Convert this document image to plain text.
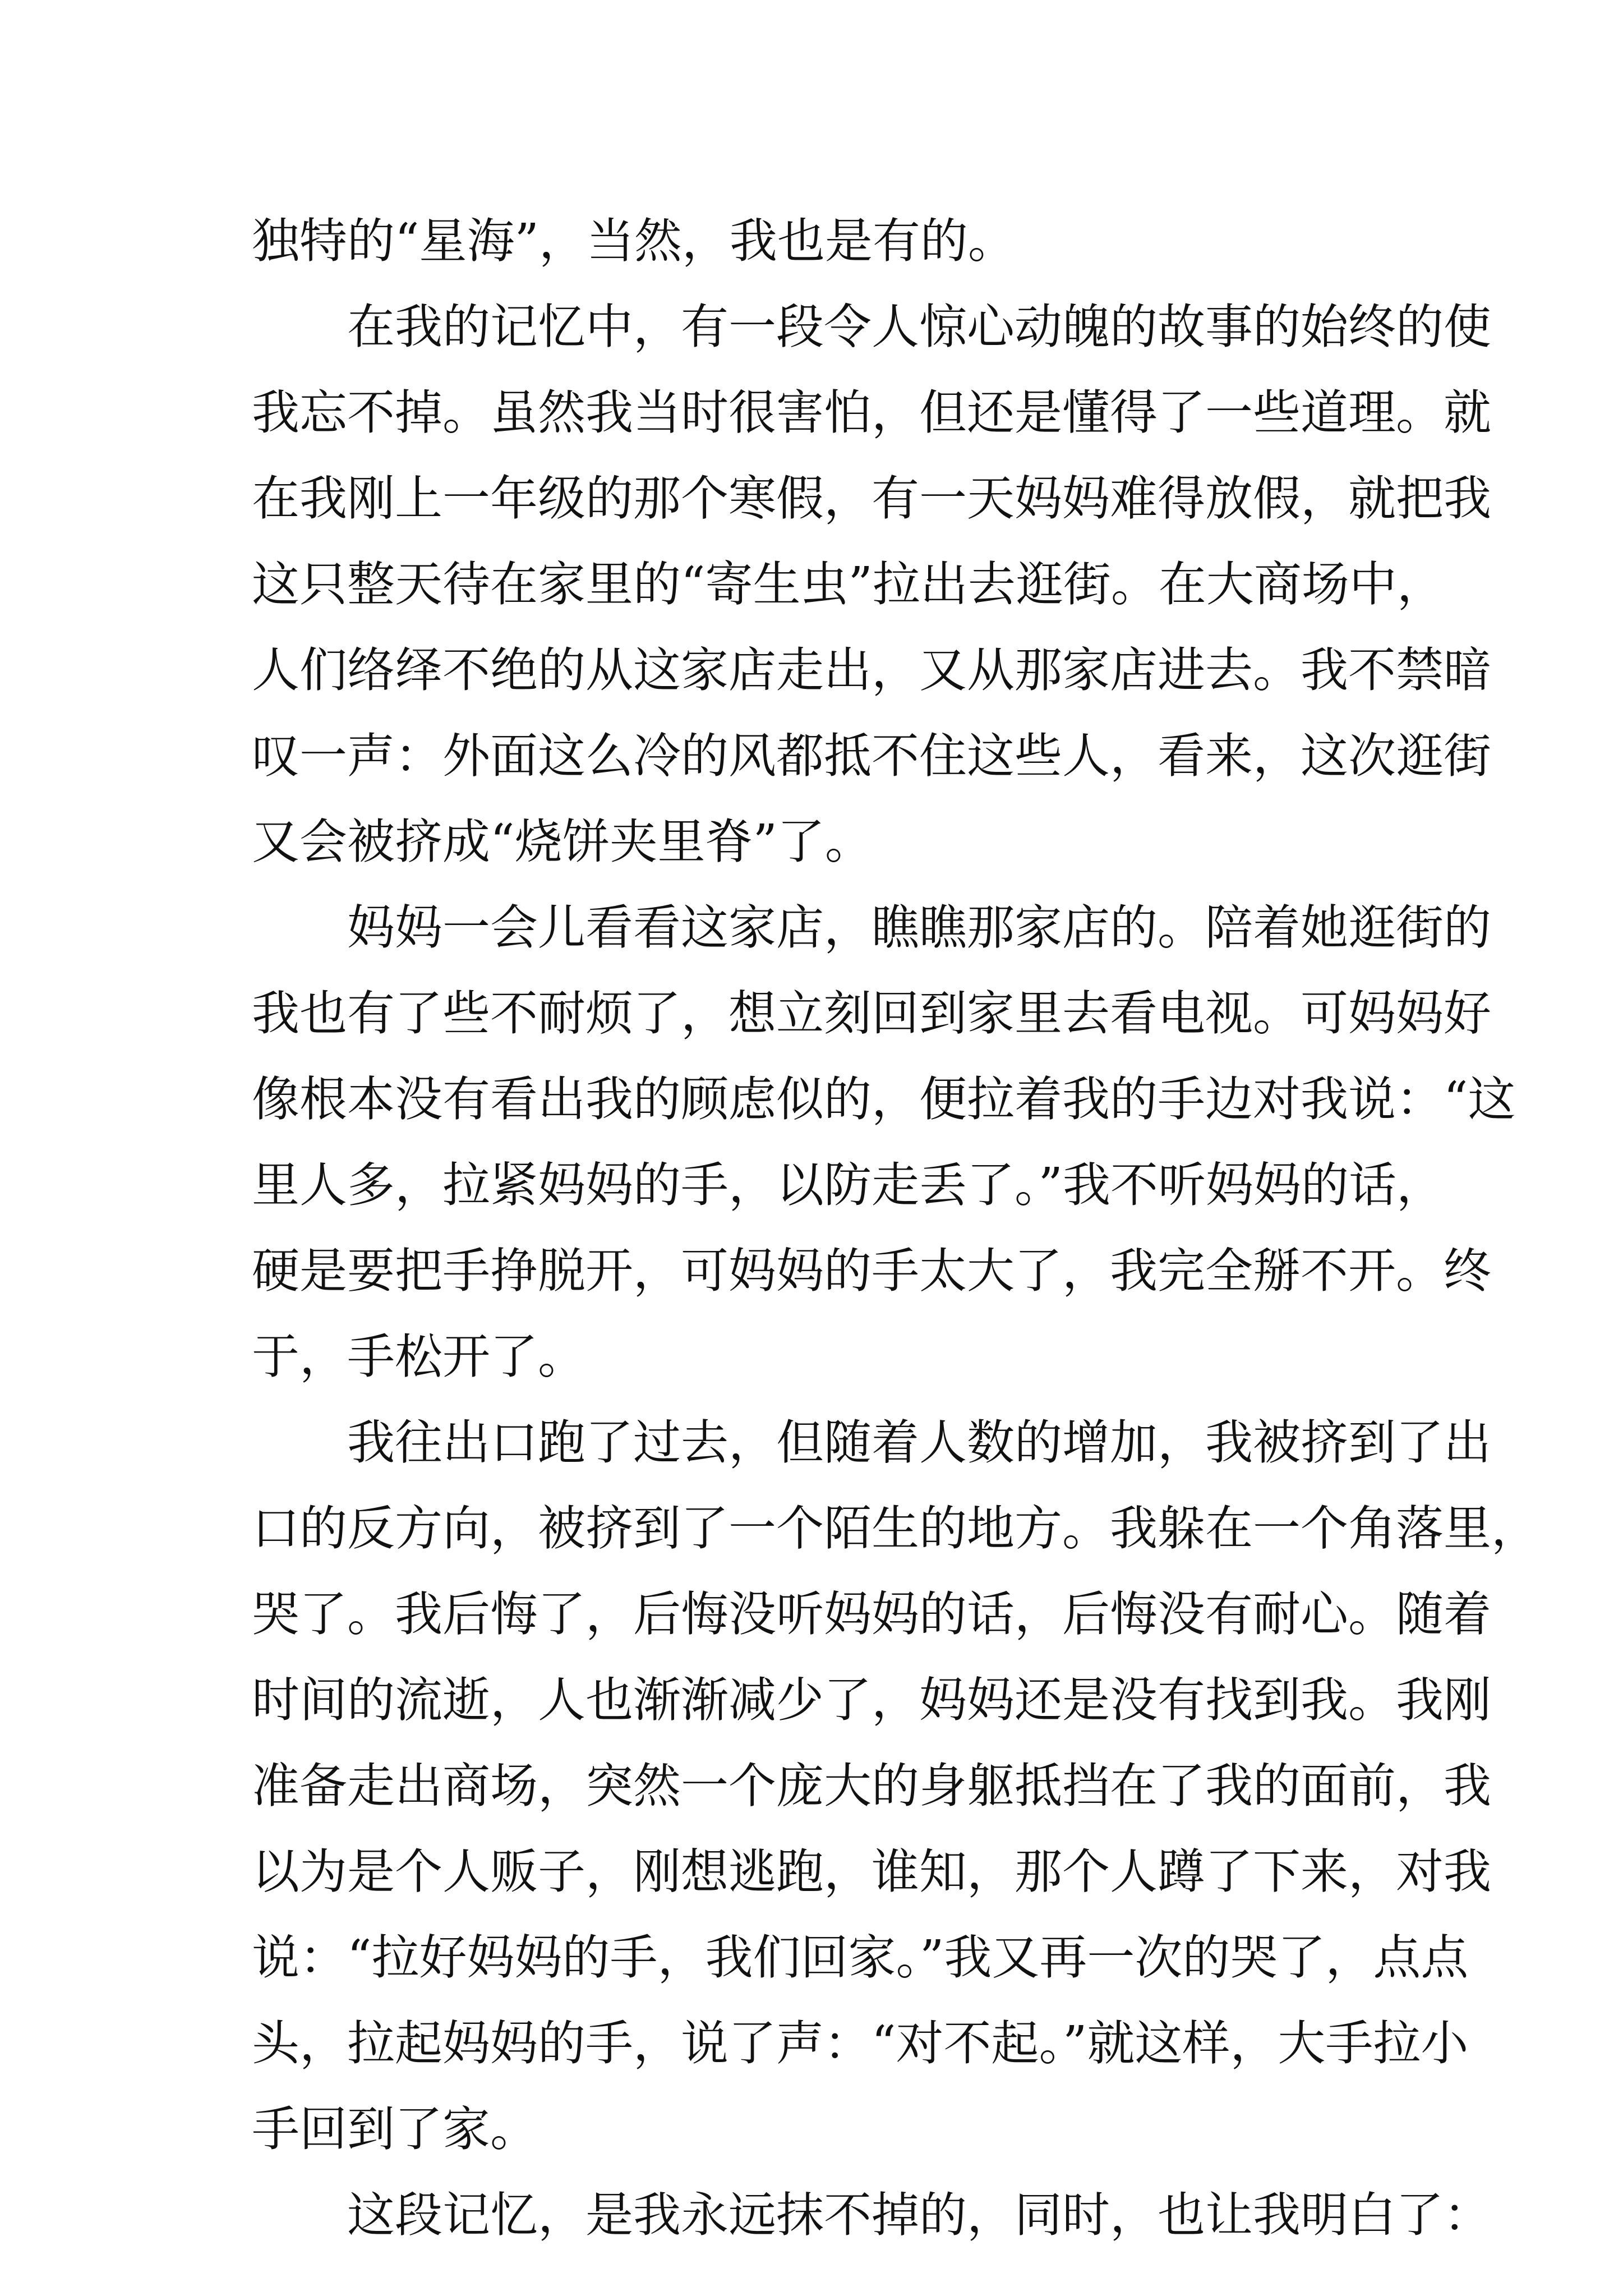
独特的“星海”，当然，我也是有的。
在我的记忆中，有一段令人惊心动魄的故事的始终的使
我忘不掉。虽然我当时很害怕，但还是懂得了一些道理。就
在我刚上一年级的那个寒假，有一天妈妈难得放假，就把我
这只整天待在家里的“寄生虫”拉出去逛街。在大商场中，
人们络绎不绝的从这家店走出，又从那家店进去。我不禁暗
叹一声：外面这么冷的风都抵不住这些人，看来，这次逛街
又会被挤成“烧饼夹里脊”了。
妈妈一会儿看看这家店，瞧瞧那家店的。陪着她逛街的
我也有了些不耐烦了，想立刻回到家里去看电视。可妈妈好
像根本没有看出我的顾虑似的，便拉着我的手边对我说：“这
里人多，拉紧妈妈的手，以防走丢了。”我不听妈妈的话，
硬是要把手挣脱开，可妈妈的手太大了，我完全掰不开。终
于，手松开了。
我往出口跑了过去，但随着人数的增加，我被挤到了出
口的反方向，被挤到了一个陌生的地方。我躲在一个角落里，
哭了。我后悔了，后悔没听妈妈的话，后悔没有耐心。随着
时间的流逝，人也渐渐减少了，妈妈还是没有找到我。我刚
准备走出商场，突然一个庞大的身躯抵挡在了我的面前，我
以为是个人贩子，刚想逃跑，谁知，那个人蹲了下来，对我
说：“拉好妈妈的手，我们回家。”我又再一次的哭了，点点
头，拉起妈妈的手，说了声：“对不起。”就这样，大手拉小
手回到了家。
这段记忆，是我永远抹不掉的，同时，也让我明白了：
